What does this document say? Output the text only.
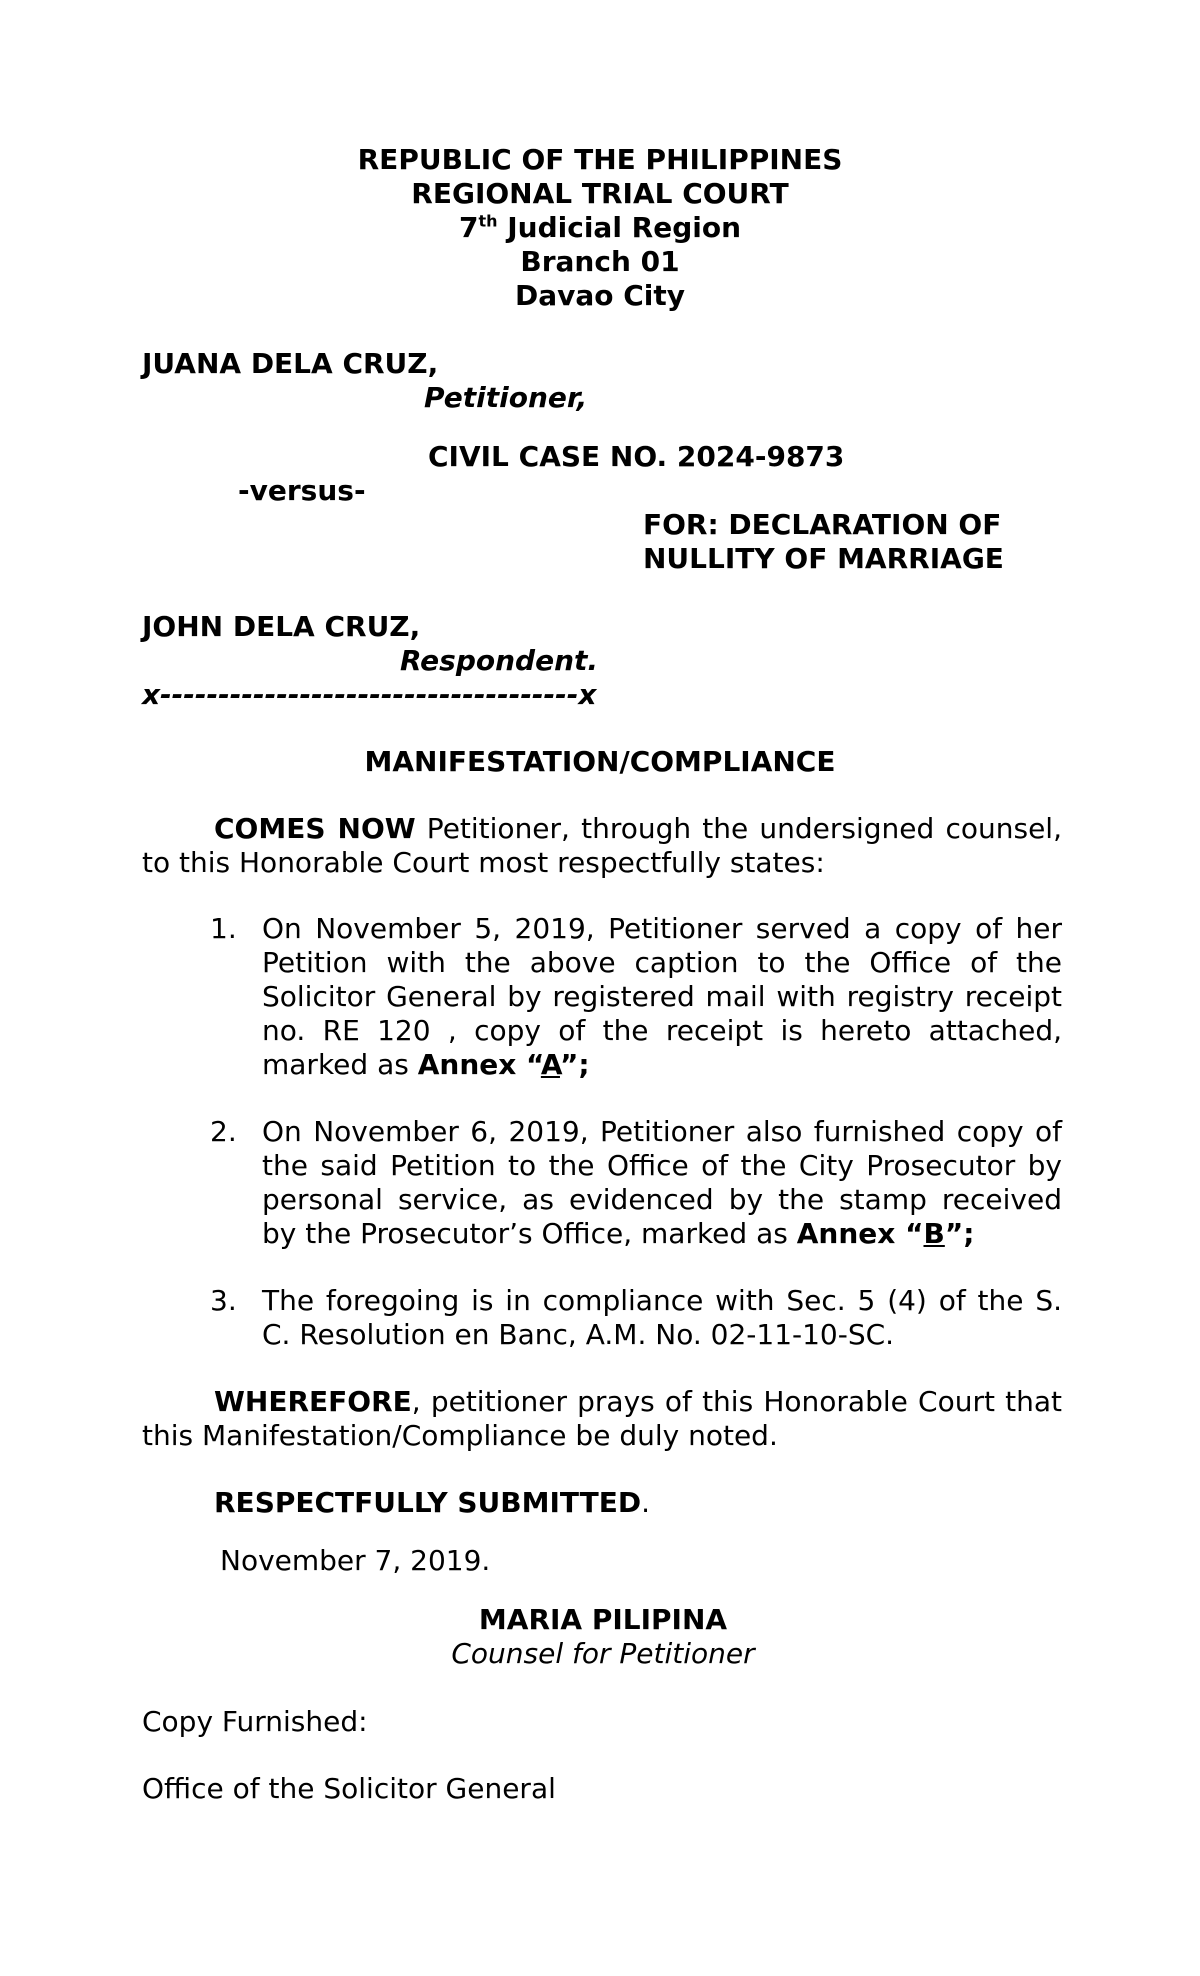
REPUBLIC OF THE PHILIPPINES
REGIONAL TRIAL COURT
7th Judicial Region
Branch 01
Davao City
JUANA DELA CRUZ,
Petitioner,
CIVIL CASE NO. 2024-9873
-versus-
FOR: DECLARATION OF
NULLITY OF MARRIAGE
JOHN DELA CRUZ,
Respondent.
x------------------------------------x
MANIFESTATION/COMPLIANCE
COMES NOW Petitioner, through the undersigned counsel, to this Honorable Court most respectfully states:
1. On November 5, 2019, Petitioner served a copy of her Petition with the above caption to the Office of the Solicitor General by registered mail with registry receipt no. RE 120 , copy of the receipt is hereto attached, marked as Annex “A”;
2. On November 6, 2019, Petitioner also furnished copy of the said Petition to the Office of the City Prosecutor by personal service, as evidenced by the stamp received by the Prosecutor’s Office, marked as Annex “B”;
3. The foregoing is in compliance with Sec. 5 (4) of the S. C. Resolution en Banc, A.M. No. 02-11-10-SC.
WHEREFORE, petitioner prays of this Honorable Court that this Manifestation/Compliance be duly noted.
RESPECTFULLY SUBMITTED.
November 7, 2019.
MARIA PILIPINA
Counsel for Petitioner
Copy Furnished:
Office of the Solicitor General
